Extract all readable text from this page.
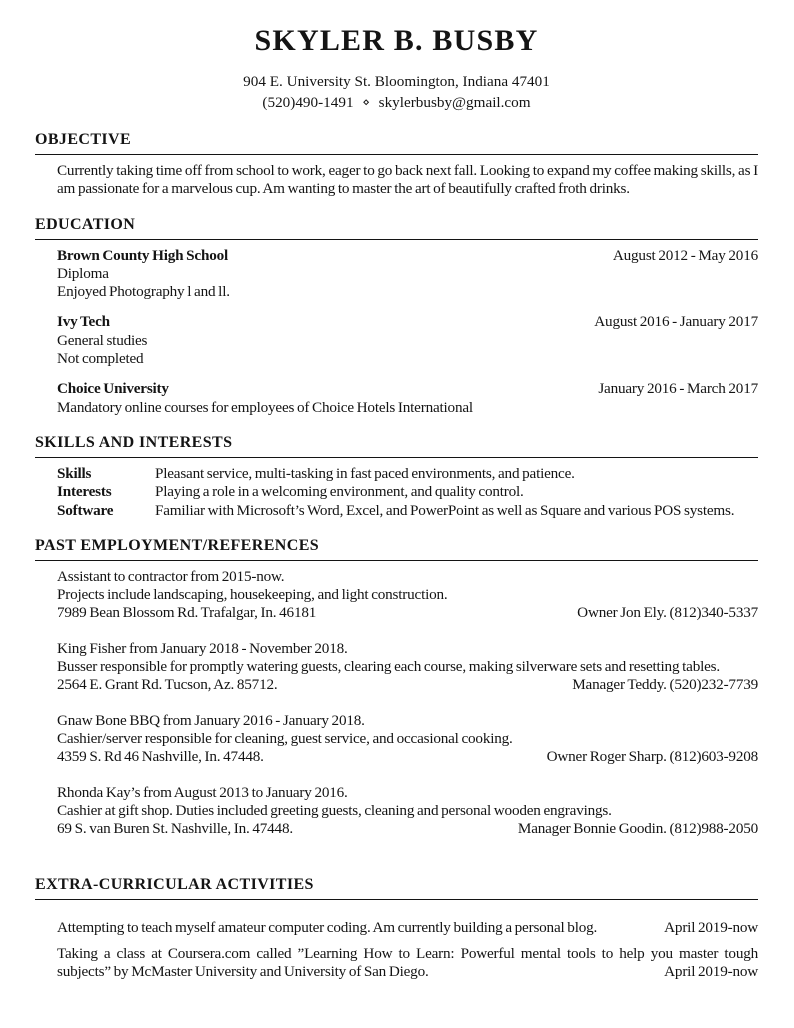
SKYLER B. BUSBY
904 E. University St. Bloomington, Indiana 47401
(520)490-1491 ⋄ skylerbusby@gmail.com
OBJECTIVE

Currently taking time off from school to work, eager to go back next fall. Looking to expand my coffee making skills, as I am passionate for a marvelous cup. Am wanting to master the art of beautifully crafted froth drinks.

EDUCATION
Brown County High School	August 2012 - May 2016
Diploma
Enjoyed Photography l and ll.
Ivy Tech	August 2016 - January 2017
General studies
Not completed
Choice University	January 2016 - March 2017
Mandatory online courses for employees of Choice Hotels International
SKILLS AND INTERESTS
Skills	Pleasant service, multi-tasking in fast paced environments, and patience.
Interests	Playing a role in a welcoming environment, and quality control.
Software	Familiar with Microsoft’s Word, Excel, and PowerPoint as well as Square and various POS systems.
PAST EMPLOYMENT/REFERENCES
Assistant to contractor from 2015-now.
Projects include landscaping, housekeeping, and light construction.
7989 Bean Blossom Rd. Trafalgar, In. 46181	Owner Jon Ely. (812)340-5337
King Fisher from January 2018 - November 2018.
Busser responsible for promptly watering guests, clearing each course, making silverware sets and resetting tables.
2564 E. Grant Rd. Tucson, Az. 85712.	Manager Teddy. (520)232-7739
Gnaw Bone BBQ from January 2016 - January 2018.
Cashier/server responsible for cleaning, guest service, and occasional cooking.
4359 S. Rd 46 Nashville, In. 47448.	Owner Roger Sharp. (812)603-9208
Rhonda Kay’s from August 2013 to January 2016.
Cashier at gift shop. Duties included greeting guests, cleaning and personal wooden engravings.
69 S. van Buren St. Nashville, In. 47448.	Manager Bonnie Goodin. (812)988-2050
EXTRA-CURRICULAR ACTIVITIES
Attempting to teach myself amateur computer coding. Am currently building a personal blog.	April 2019-now
Taking a class at Coursera.com called ”Learning How to Learn: Powerful mental tools to help you master tough subjects” by McMaster University and University of San Diego.	April 2019-now
